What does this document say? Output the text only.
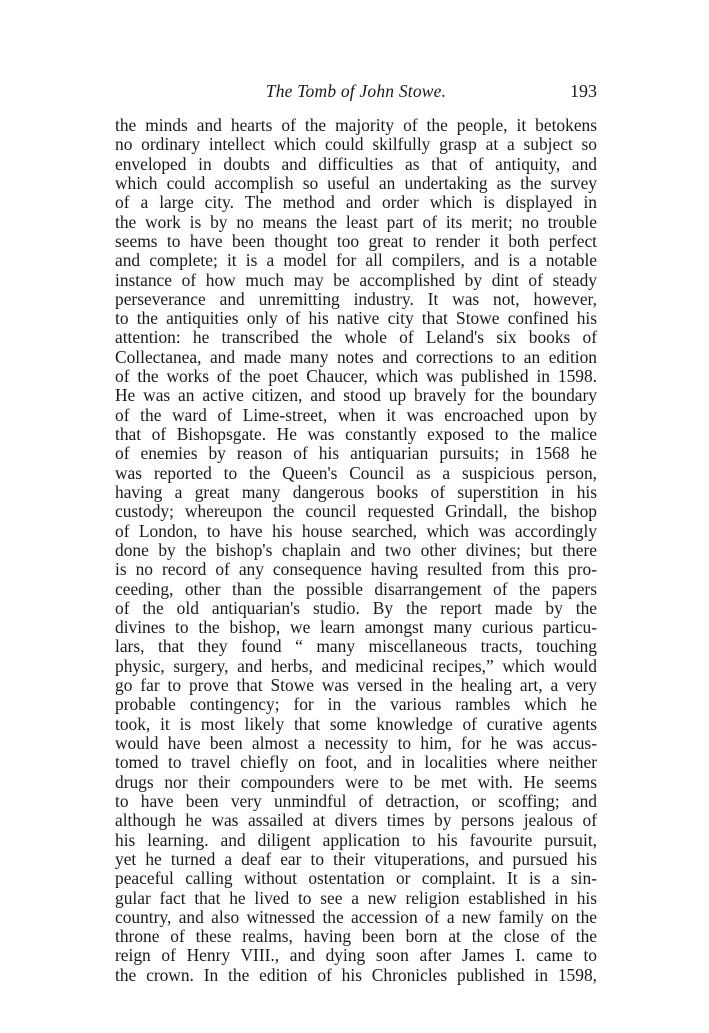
The Tomb of John Stowe.	193
the minds and hearts of the majority of the people, it betokens
no ordinary intellect which could skilfully grasp at a subject so
enveloped in doubts and difficulties as that of antiquity, and
which could accomplish so useful an undertaking as the survey
of a large city. The method and order which is displayed in
the work is by no means the least part of its merit; no trouble
seems to have been thought too great to render it both perfect
and complete; it is a model for all compilers, and is a notable
instance of how much may be accomplished by dint of steady
perseverance and unremitting industry. It was not, however,
to the antiquities only of his native city that Stowe confined his
attention: he transcribed the whole of Leland's six books of
Collectanea, and made many notes and corrections to an edition
of the works of the poet Chaucer, which was published in 1598.
He was an active citizen, and stood up bravely for the boundary
of the ward of Lime-street, when it was encroached upon by
that of Bishopsgate. He was constantly exposed to the malice
of enemies by reason of his antiquarian pursuits; in 1568 he
was reported to the Queen's Council as a suspicious person,
having a great many dangerous books of superstition in his
custody; whereupon the council requested Grindall, the bishop
of London, to have his house searched, which was accordingly
done by the bishop's chaplain and two other divines; but there
is no record of any consequence having resulted from this pro-
ceeding, other than the possible disarrangement of the papers
of the old antiquarian's studio. By the report made by the
divines to the bishop, we learn amongst many curious particu-
lars, that they found “ many miscellaneous tracts, touching
physic, surgery, and herbs, and medicinal recipes,” which would
go far to prove that Stowe was versed in the healing art, a very
probable contingency; for in the various rambles which he
took, it is most likely that some knowledge of curative agents
would have been almost a necessity to him, for he was accus-
tomed to travel chiefly on foot, and in localities where neither
drugs nor their compounders were to be met with. He seems
to have been very unmindful of detraction, or scoffing; and
although he was assailed at divers times by persons jealous of
his learning. and diligent application to his favourite pursuit,
yet he turned a deaf ear to their vituperations, and pursued his
peaceful calling without ostentation or complaint. It is a sin-
gular fact that he lived to see a new religion established in his
country, and also witnessed the accession of a new family on the
throne of these realms, having been born at the close of the
reign of Henry VIII., and dying soon after James I. came to
the crown. In the edition of his Chronicles published in 1598,
